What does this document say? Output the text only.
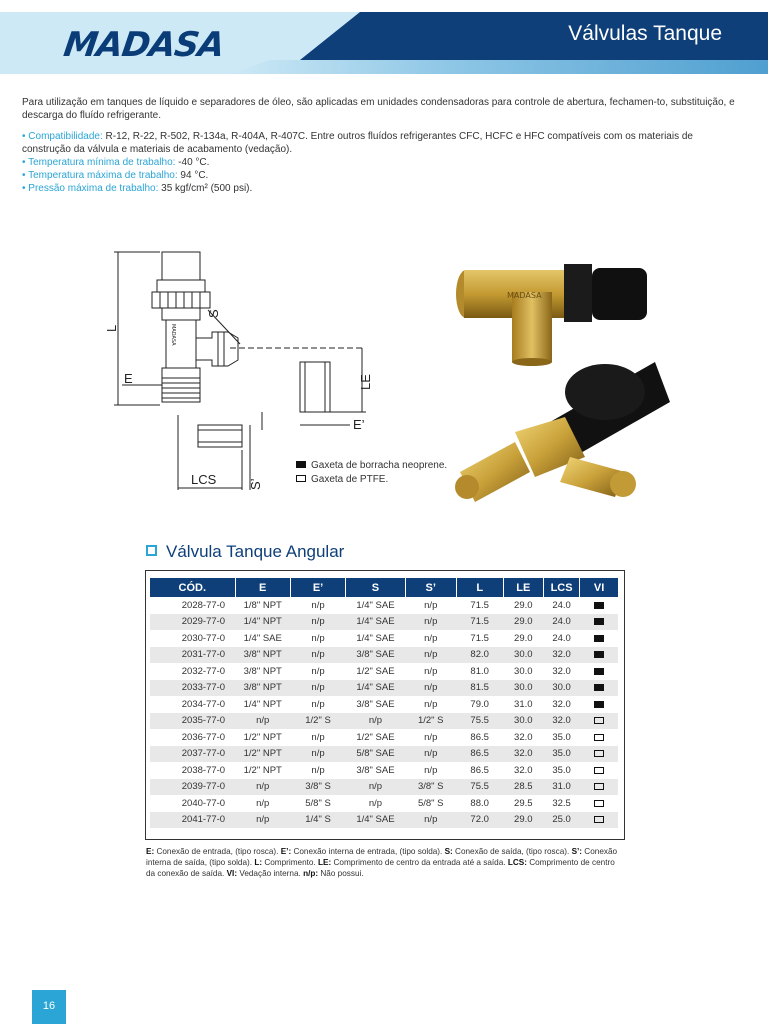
MADASA	Válvulas Tanque
Para utilização em tanques de líquido e separadores de óleo, são aplicadas em unidades condensadoras para controle de abertura, fechamen-to, substituição, e descarga do fluído refrigerante.
• Compatibilidade: R-12, R-22, R-502, R-134a, R-404A, R-407C. Entre outros fluídos refrigerantes CFC, HCFC e HFC compatíveis com os materiais de construção da válvula e materiais de acabamento (vedação).
• Temperatura mínima de trabalho: -40 °C.
• Temperatura máxima de trabalho: 94 °C.
• Pressão máxima de trabalho: 35 kgf/cm² (500 psi).
L	MADASA
S
E	LE
E’
LCS S’
Gaxeta de borracha neoprene.
Gaxeta de PTFE.
MADASA
Válvula Tanque Angular
CÓD.	E	E’	S	S’	L	LE	LCS	VI
2028-77-0	1/8" NPT	n/p	1/4" SAE	n/p	71.5	29.0	24.0	
2029-77-0	1/4" NPT	n/p	1/4" SAE	n/p	71.5	29.0	24.0	
2030-77-0	1/4" SAE	n/p	1/4" SAE	n/p	71.5	29.0	24.0	
2031-77-0	3/8" NPT	n/p	3/8" SAE	n/p	82.0	30.0	32.0	
2032-77-0	3/8" NPT	n/p	1/2" SAE	n/p	81.0	30.0	32.0	
2033-77-0	3/8" NPT	n/p	1/4" SAE	n/p	81.5	30.0	30.0	
2034-77-0	1/4" NPT	n/p	3/8" SAE	n/p	79.0	31.0	32.0	
2035-77-0	n/p	1/2" S	n/p	1/2" S	75.5	30.0	32.0	
2036-77-0	1/2" NPT	n/p	1/2" SAE	n/p	86.5	32.0	35.0	
2037-77-0	1/2" NPT	n/p	5/8" SAE	n/p	86.5	32.0	35.0	
2038-77-0	1/2" NPT	n/p	3/8" SAE	n/p	86.5	32.0	35.0	
2039-77-0	n/p	3/8" S	n/p	3/8" S	75.5	28.5	31.0	
2040-77-0	n/p	5/8" S	n/p	5/8" S	88.0	29.5	32.5	
2041-77-0	n/p	1/4" S	1/4" SAE	n/p	72.0	29.0	25.0	
E: Conexão de entrada, (tipo rosca). E’: Conexão interna de entrada, (tipo solda). S: Conexão de saída, (tipo rosca). S’: Conexão interna de saída, (tipo solda). L: Comprimento. LE: Comprimento de centro da entrada até a saída. LCS: Comprimento de centro da conexão de saída. VI: Vedação interna. n/p: Não possui.
16
